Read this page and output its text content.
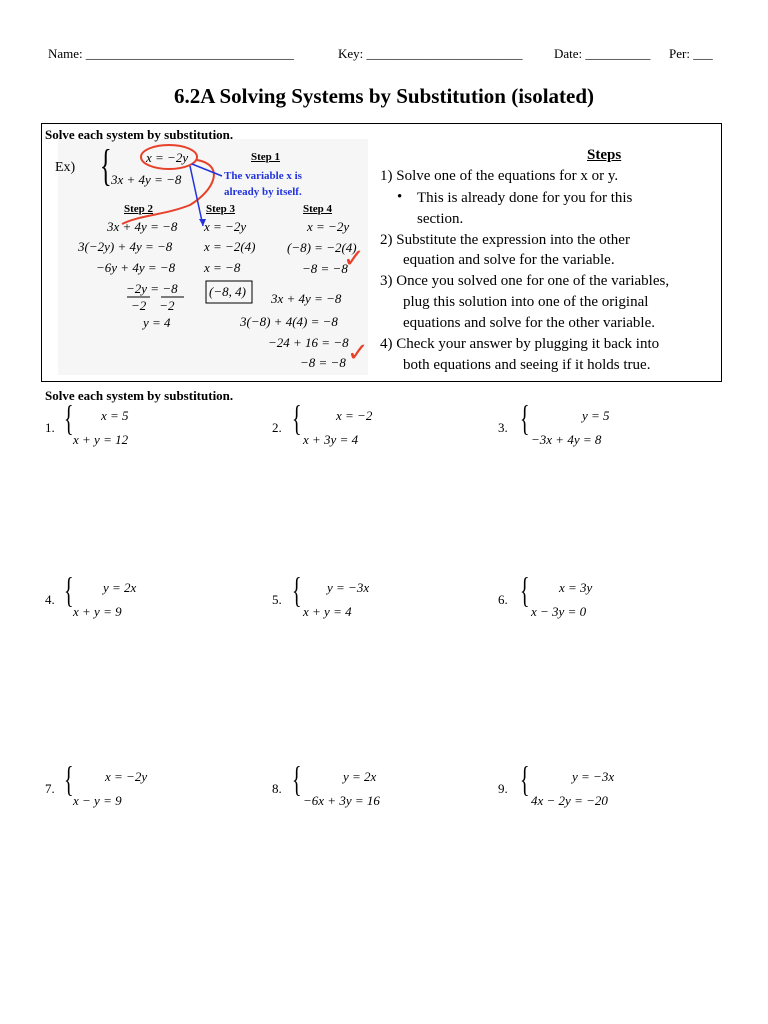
Name: ________________________________	Key: ________________________ Date: __________ Per: ___
6.2A Solving Systems by Substitution (isolated)
Solve each system by substitution.
Ex) {	x = −2y
3x + 4y = −8
Step 1
The variable x is
already by itself.
Step 2
3x + 4y = −8
3(−2y) + 4y = −8
−6y + 4y = −8
−2y = −8
−2    −2
y = 4
Step 3
x = −2y
x = −2(4)
x = −8
(−8, 4)
Step 4
x = −2y
(−8) = −2(4)
−8 = −8
✓
3x + 4y = −8
3(−8) + 4(4) = −8
−24 + 16 = −8
−8 = −8 ✓
Steps
1) Solve one of the equations for x or y.
• This is already done for you for this
section.
2) Substitute the expression into the other
equation and solve for the variable.
3) Once you solved one for one of the variables,
plug this solution into one of the original
equations and solve for the other variable.
4) Check your answer by plugging it back into
both equations and seeing if it holds true.
Solve each system by substitution.
1. { x = 5
x + y = 12
2. {	x = −2
x + 3y = 4
3. {	y = 5
−3x + 4y = 8
4. { y = 2x
x + y = 9
5. { y = −3x
x + y = 4
6. { x = 3y
x − 3y = 0
7. { x = −2y
x − y = 9
8. {	y = 2x
−6x + 3y = 16
9. {	y = −3x
4x − 2y = −20
